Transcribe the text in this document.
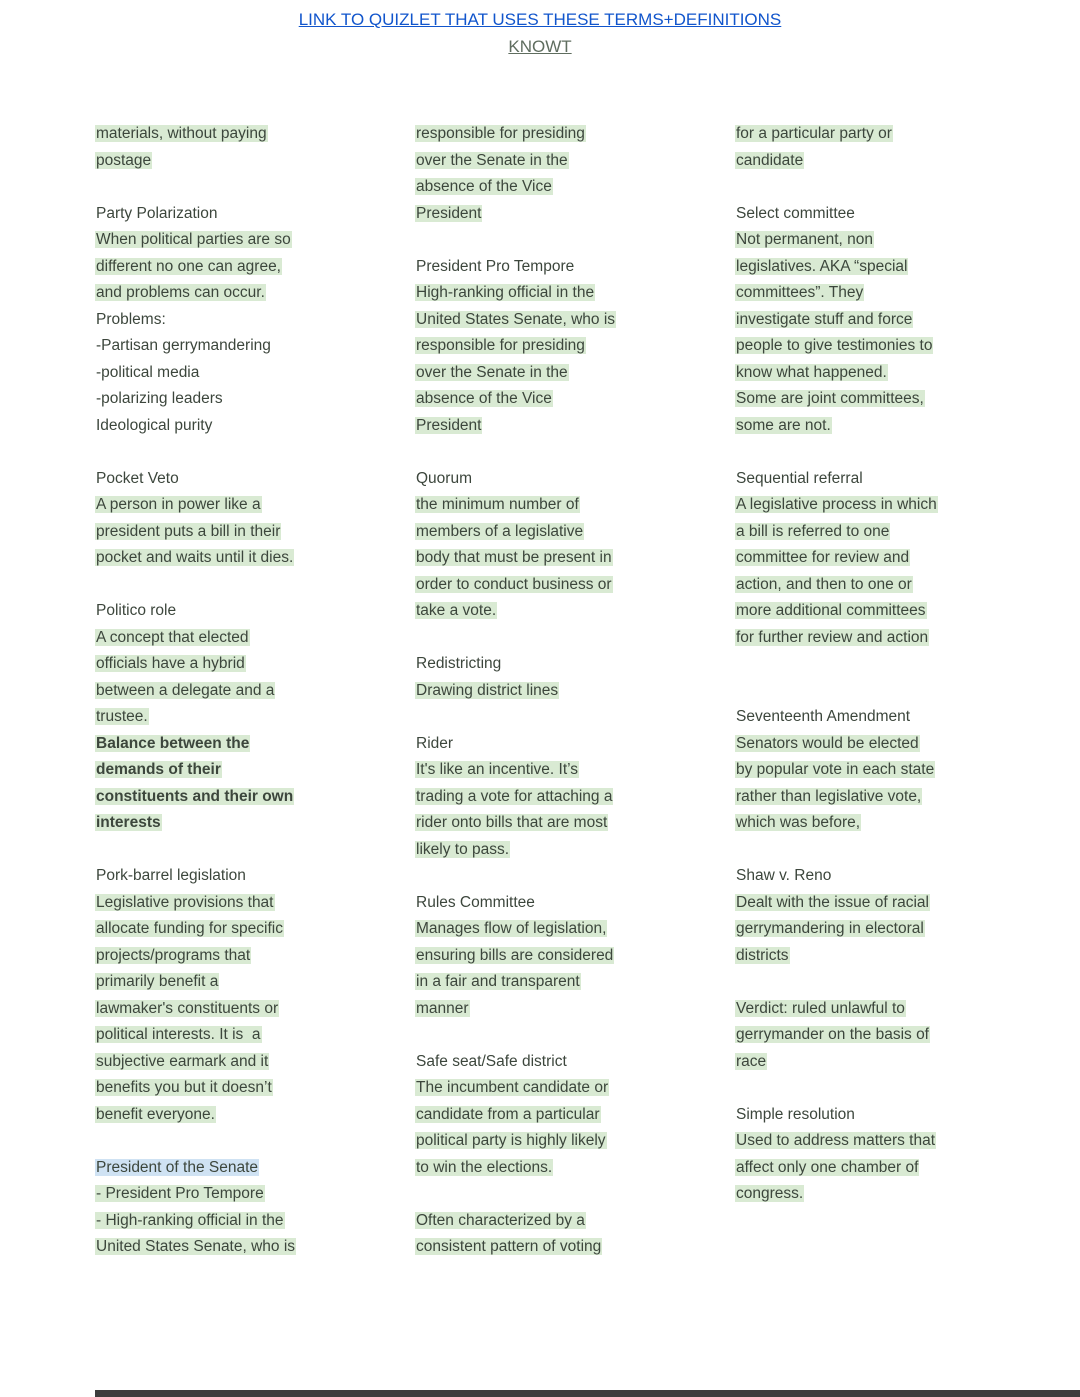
LINK TO QUIZLET THAT USES THESE TERMS+DEFINITIONS
KNOWT
materials, without paying
postage
Party Polarization
When political parties are so
different no one can agree,
and problems can occur.
Problems:
-Partisan gerrymandering
-political media
-polarizing leaders
Ideological purity
Pocket Veto
A person in power like a
president puts a bill in their
pocket and waits until it dies.
Politico role
A concept that elected
officials have a hybrid
between a delegate and a
trustee.
Balance between the
demands of their
constituents and their own
interests
Pork-barrel legislation
Legislative provisions that
allocate funding for specific
projects/programs that
primarily benefit a
lawmaker's constituents or
political interests. It is  a
subjective earmark and it
benefits you but it doesn’t
benefit everyone.
President of the Senate
- President Pro Tempore
- High-ranking official in the
United States Senate, who is
responsible for presiding
over the Senate in the
absence of the Vice
President
President Pro Tempore
High-ranking official in the
United States Senate, who is
responsible for presiding
over the Senate in the
absence of the Vice
President
Quorum
the minimum number of
members of a legislative
body that must be present in
order to conduct business or
take a vote.
Redistricting
Drawing district lines
Rider
It's like an incentive. It’s
trading a vote for attaching a
rider onto bills that are most
likely to pass.
Rules Committee
Manages flow of legislation,
ensuring bills are considered
in a fair and transparent
manner
Safe seat/Safe district
The incumbent candidate or
candidate from a particular
political party is highly likely
to win the elections.
Often characterized by a
consistent pattern of voting
for a particular party or
candidate
Select committee
Not permanent, non
legislatives. AKA “special
committees”. They
investigate stuff and force
people to give testimonies to
know what happened.
Some are joint committees,
some are not.
Sequential referral
A legislative process in which
a bill is referred to one
committee for review and
action, and then to one or
more additional committees
for further review and action
Seventeenth Amendment
Senators would be elected
by popular vote in each state
rather than legislative vote,
which was before,
Shaw v. Reno
Dealt with the issue of racial
gerrymandering in electoral
districts
Verdict: ruled unlawful to
gerrymander on the basis of
race
Simple resolution
Used to address matters that
affect only one chamber of
congress.
